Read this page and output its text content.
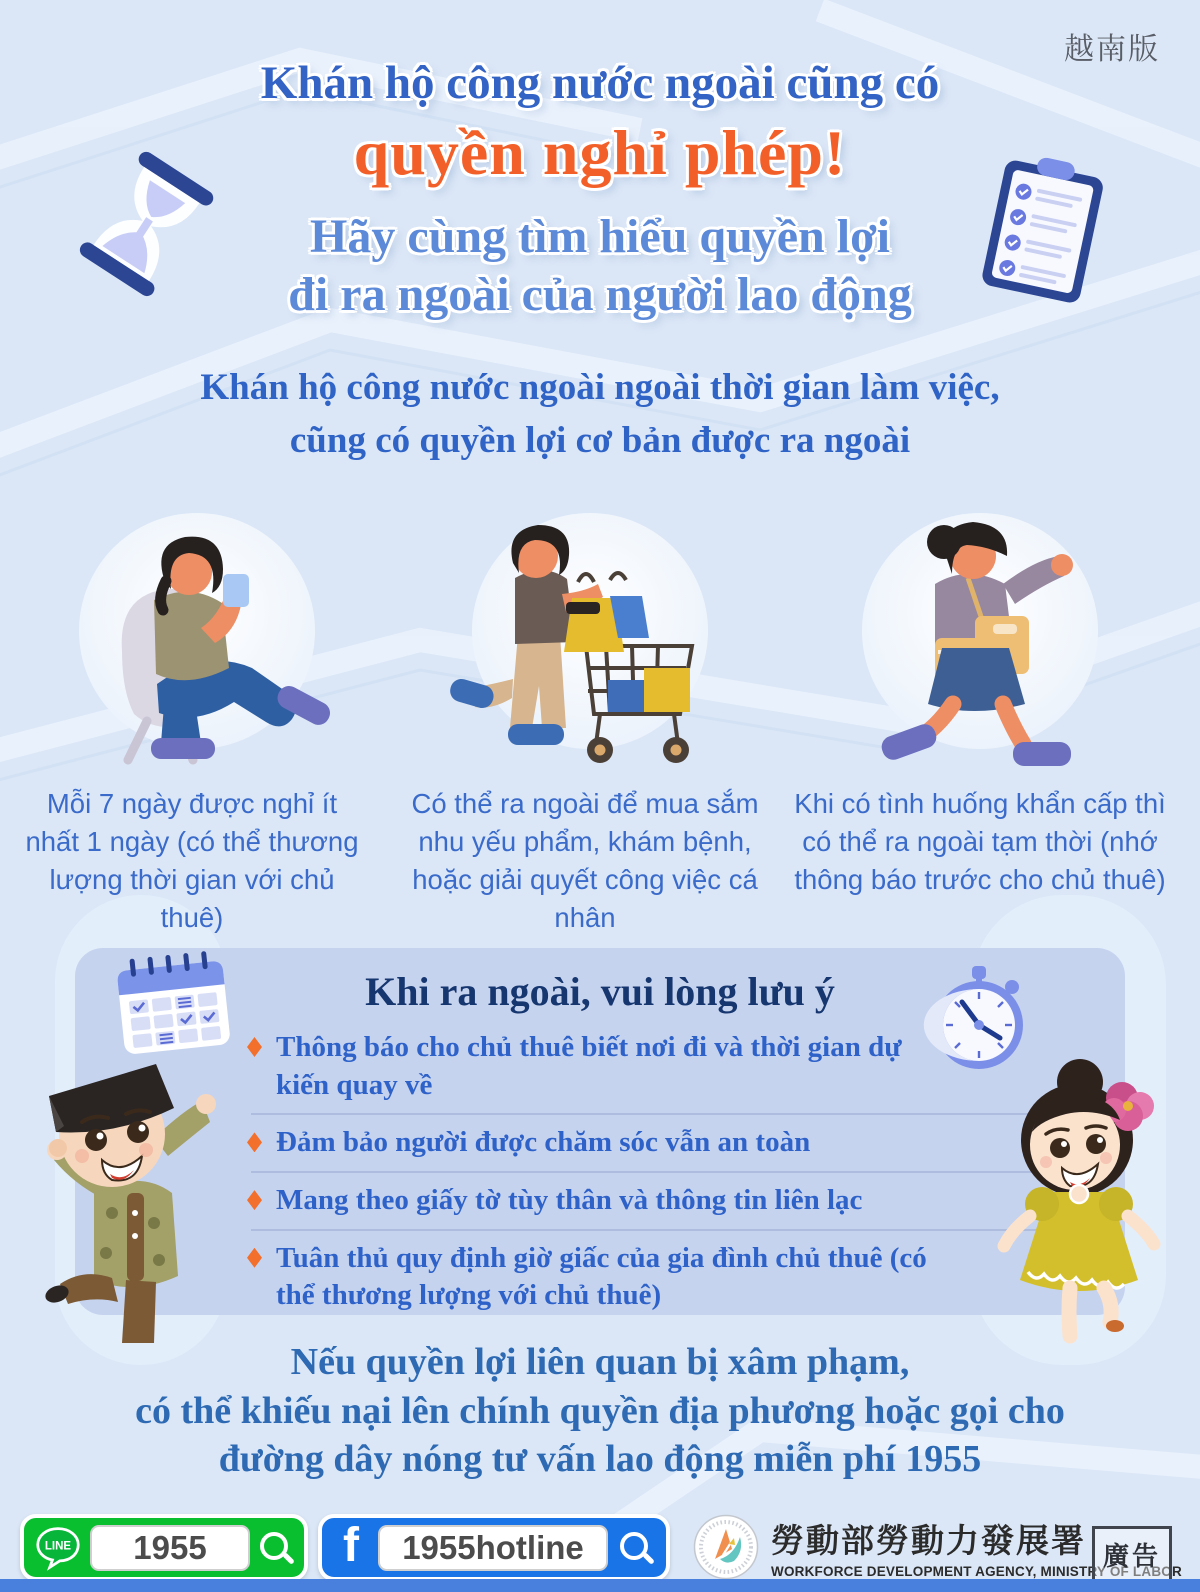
越南版
Khán hộ công nước ngoài cũng có
quyền nghỉ phép!
Hãy cùng tìm hiểu quyền lợi
đi ra ngoài của người lao động
Khán hộ công nước ngoài ngoài thời gian làm việc,
cũng có quyền lợi cơ bản được ra ngoài
Mỗi 7 ngày được nghỉ ít nhất 1 ngày (có thể thương lượng thời gian với chủ thuê)
Có thể ra ngoài để mua sắm nhu yếu phẩm, khám bệnh, hoặc giải quyết công việc cá nhân
Khi có tình huống khẩn cấp thì có thể ra ngoài tạm thời (nhớ thông báo trước cho chủ thuê)
Khi ra ngoài, vui lòng lưu ý
Thông báo cho chủ thuê biết nơi đi và thời gian dự kiến quay về
Đảm bảo người được chăm sóc vẫn an toàn
Mang theo giấy tờ tùy thân và thông tin liên lạc
Tuân thủ quy định giờ giấc của gia đình chủ thuê (có thể thương lượng với chủ thuê)
Nếu quyền lợi liên quan bị xâm phạm,
có thể khiếu nại lên chính quyền địa phương hoặc gọi cho
đường dây nóng tư vấn lao động miễn phí 1955
LINE	1955	f	1955hotline	勞動部勞動力發展署
WORKFORCE DEVELOPMENT AGENCY, MINISTRY OF LABOR
廣告
